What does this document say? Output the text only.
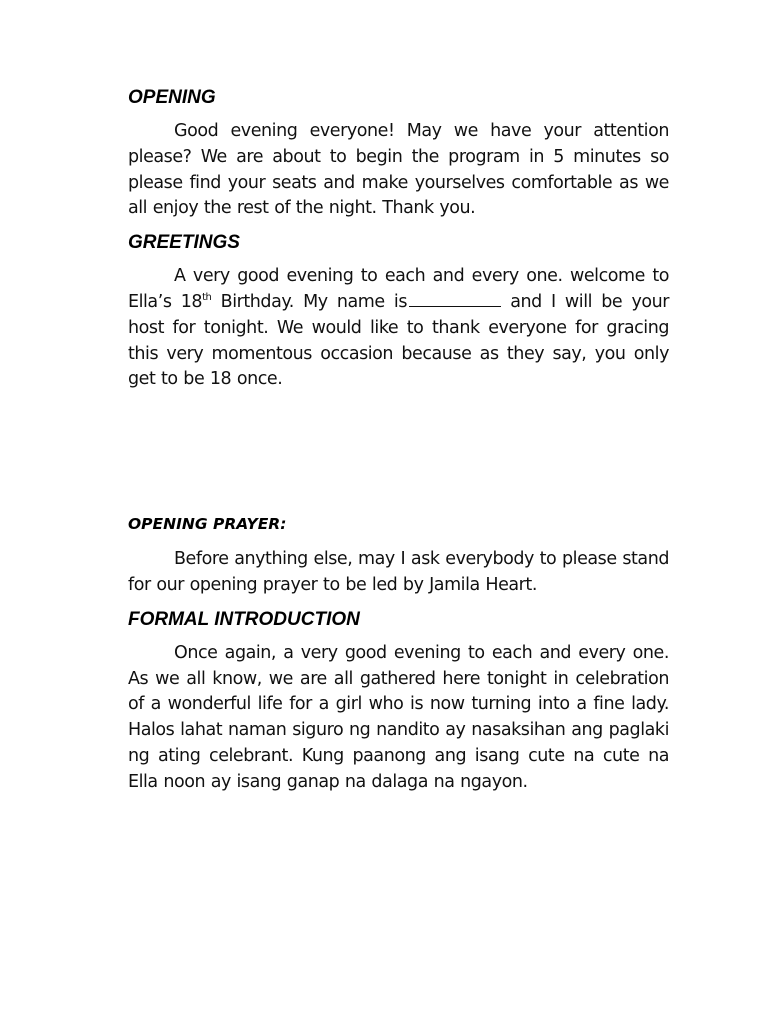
OPENING

Good evening everyone! May we have your attention please? We are about to begin the program in 5 minutes so please find your seats and make yourselves comfortable as we all enjoy the rest of the night. Thank you.

GREETINGS

A very good evening to each and every one. welcome to Ella’s 18th Birthday. My name is	and I will be your host for tonight. We would like to thank everyone for gracing this very momentous occasion because as they say, you only get to be 18 once.

OPENING PRAYER:

Before anything else, may I ask everybody to please stand for our opening prayer to be led by Jamila Heart.

FORMAL INTRODUCTION

Once again, a very good evening to each and every one. As we all know, we are all gathered here tonight in celebration of a wonderful life for a girl who is now turning into a fine lady. Halos lahat naman siguro ng nandito ay nasaksihan ang paglaki ng ating celebrant. Kung paanong ang isang cute na cute na Ella noon ay isang ganap na dalaga na ngayon.
